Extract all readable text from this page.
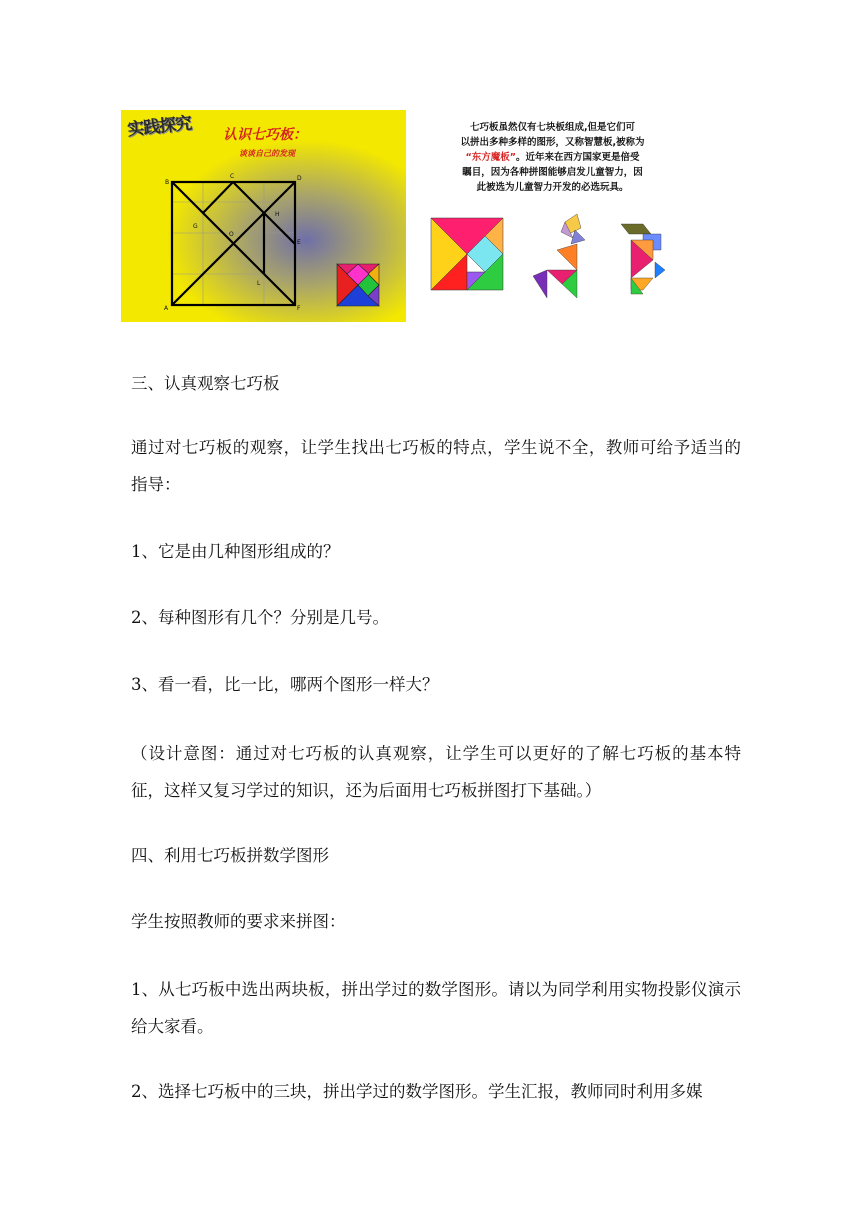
实践探究 认识七巧板：
谈谈自己的发现
A
B
C	D
E
F
G
H
O
L

七巧板虽然仅有七块板组成,但是它们可

以拼出多种多样的图形，又称智慧板,被称为

“东方魔板”。近年来在西方国家更是倍受

瞩目，因为各种拼图能够启发儿童智力，因

此被选为儿童智力开发的必选玩具。

三、认真观察七巧板

通过对七巧板的观察，让学生找出七巧板的特点，学生说不全，教师可给予适当的指导：

1、它是由几种图形组成的？

2、每种图形有几个？分别是几号。

3、看一看，比一比，哪两个图形一样大？

（设计意图：通过对七巧板的认真观察，让学生可以更好的了解七巧板的基本特征，这样又复习学过的知识，还为后面用七巧板拼图打下基础。）

四、利用七巧板拼数学图形

学生按照教师的要求来拼图：

1、从七巧板中选出两块板，拼出学过的数学图形。请以为同学利用实物投影仪演示给大家看。

2、选择七巧板中的三块，拼出学过的数学图形。学生汇报，教师同时利用多媒
